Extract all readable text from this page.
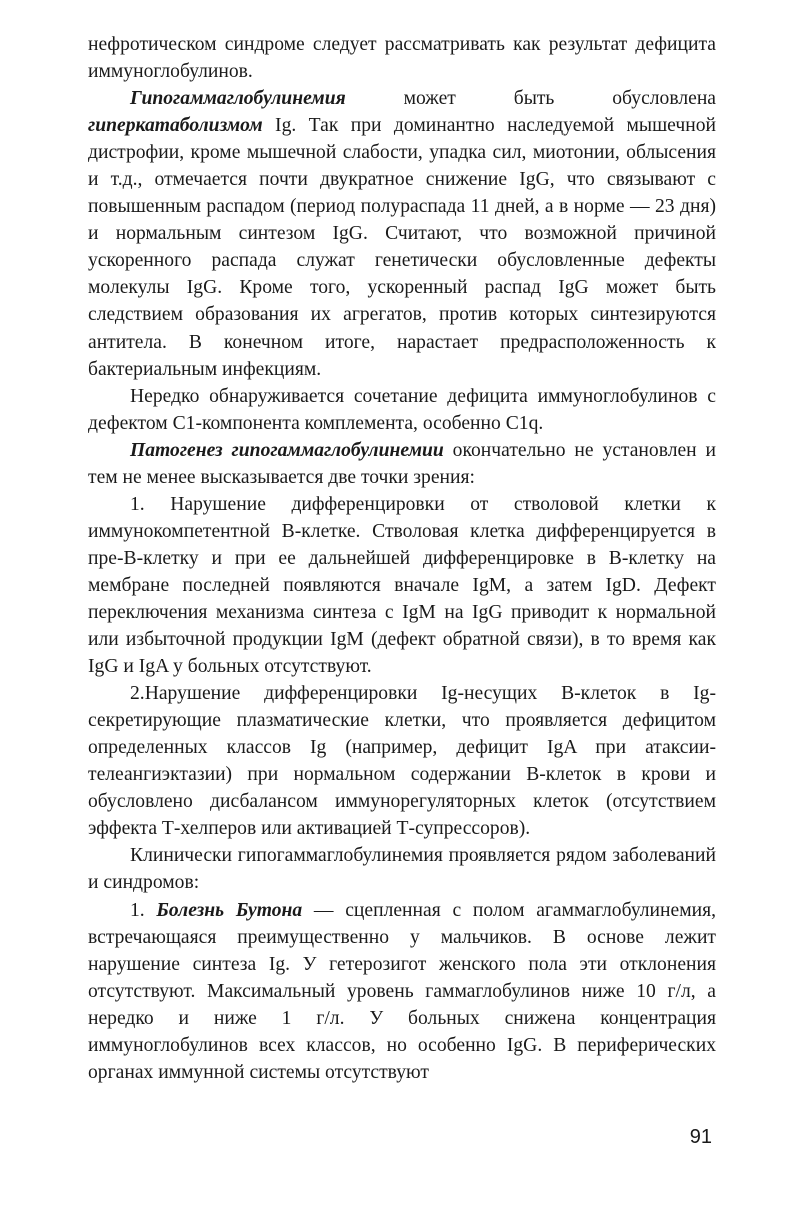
нефротическом синдроме следует рассматривать как результат дефицита иммуноглобулинов.

Гипогаммаглобулинемия может быть обусловлена гиперкатаболизмом Ig. Так при доминантно наследуемой мышечной дистрофии, кроме мышечной слабости, упадка сил, миотонии, облысения и т.д., отмечается почти двукратное снижение IgG, что связывают с повышенным распадом (период полураспада 11 дней, а в норме — 23 дня) и нормальным синтезом IgG. Считают, что возможной причиной ускоренного распада служат генетически обусловленные дефекты молекулы IgG. Кроме того, ускоренный распад IgG может быть следствием образования их агрегатов, против которых синтезируются антитела. В конечном итоге, нарастает предрасположенность к бактериальным инфекциям.

Нередко обнаруживается сочетание дефицита иммуноглобулинов с дефектом С1-компонента комплемента, особенно C1q.

Патогенез гипогаммаглобулинемии окончательно не установлен и тем не менее высказывается две точки зрения:

1. Нарушение дифференцировки от стволовой клетки к иммунокомпетентной В-клетке. Стволовая клетка дифференцируется в пре-В-клетку и при ее дальнейшей дифференцировке в В-клетку на мембране последней появляются вначале IgM, а затем IgD. Дефект переключения механизма синтеза с IgM на IgG приводит к нормальной или избыточной продукции IgM (дефект обратной связи), в то время как IgG и IgA у больных отсутствуют.

2.Нарушение дифференцировки Ig-несущих В-клеток в Ig-секретирующие плазматические клетки, что проявляется дефицитом определенных классов Ig (например, дефицит IgA при атаксии-телеангиэктазии) при нормальном содержании В-клеток в крови и обусловлено дисбалансом иммунорегуляторных клеток (отсутствием эффекта Т-хелперов или активацией Т-супрессоров).

Клинически гипогаммаглобулинемия проявляется рядом заболеваний и синдромов:

1. Болезнь Бутона — сцепленная с полом агаммаглобулинемия, встречающаяся преимущественно у мальчиков. В основе лежит нарушение синтеза Ig. У гетерозигот женского пола эти отклонения отсутствуют. Максимальный уровень гаммаглобулинов ниже 10 г/л, а нередко и ниже 1 г/л. У больных снижена концентрация иммуноглобулинов всех классов, но особенно IgG. В периферических органах иммунной системы отсутствуют

91
